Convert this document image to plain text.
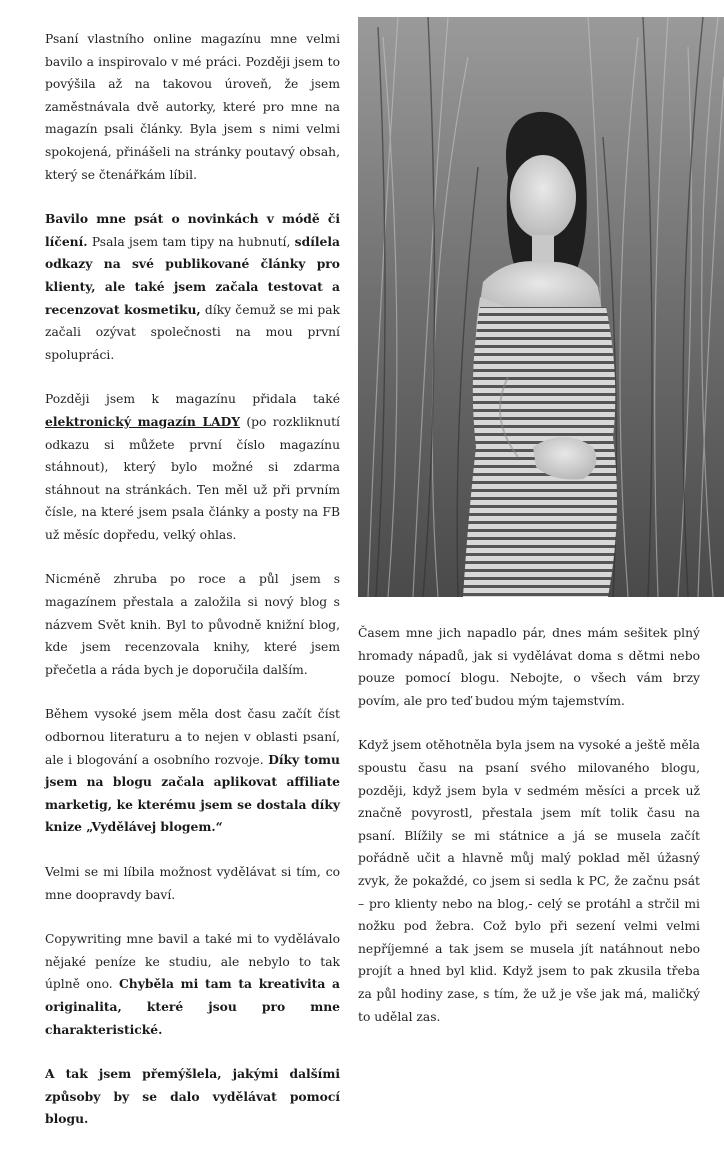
Psaní vlastního online magazínu mne velmi bavilo a inspirovalo v mé práci. Později jsem to povýšila až na takovou úroveň, že jsem zaměstnávala dvě autorky, které pro mne na magazín psali články. Byla jsem s nimi velmi spokojená, přinášeli na stránky poutavý obsah, který se čtenářkám líbil.

Bavilo mne psát o novinkách v módě či líčení. Psala jsem tam tipy na hubnutí, sdílela odkazy na své publikované články pro klienty, ale také jsem začala testovat a recenzovat kosmetiku, díky čemuž se mi pak začali ozývat společnosti na mou první spolupráci.

Později jsem k magazínu přidala také elektronický magazín LADY (po rozkliknutí odkazu si můžete první číslo magazínu stáhnout), který bylo možné si zdarma stáhnout na stránkách. Ten měl už při prvním čísle, na které jsem psala články a posty na FB už měsíc dopředu, velký ohlas.

Nicméně zhruba po roce a půl jsem s magazínem přestala a založila si nový blog s názvem Svět knih. Byl to původně knižní blog, kde jsem recenzovala knihy, které jsem přečetla a ráda bych je doporučila dalším.

Během vysoké jsem měla dost času začít číst odbornou literaturu a to nejen v oblasti psaní, ale i blogování a osobního rozvoje. Díky tomu jsem na blogu začala aplikovat affiliate marketig, ke kterému jsem se dostala díky knize „Vydělávej blogem.“

Velmi se mi líbila možnost vydělávat si tím, co mne doopravdy baví.

Copywriting mne bavil a také mi to vydělávalo nějaké peníze ke studiu, ale nebylo to tak úplně ono. Chyběla mi tam ta kreativita a originalita, které jsou pro mne charakteristické.

A tak jsem přemýšlela, jakými dalšími způsoby by se dalo vydělávat pomocí blogu.

Časem mne jich napadlo pár, dnes mám sešitek plný hromady nápadů, jak si vydělávat doma s dětmi nebo pouze pomocí blogu. Nebojte, o všech vám brzy povím, ale pro teď budou mým tajemstvím.

Když jsem otěhotněla byla jsem na vysoké a ještě měla spoustu času na psaní svého milovaného blogu, později, když jsem byla v sedmém měsíci a prcek už značně povyrostl, přestala jsem mít tolik času na psaní. Blížily se mi státnice a já se musela začít pořádně učit a hlavně můj malý poklad měl úžasný zvyk, že pokaždé, co jsem si sedla k PC, že začnu psát – pro klienty nebo na blog,- celý se protáhl a strčil mi nožku pod žebra. Což bylo při sezení velmi velmi nepříjemné a tak jsem se musela jít natáhnout nebo projít a hned byl klid. Když jsem to pak zkusila třeba za půl hodiny zase, s tím, že už je vše jak má, maličký to udělal zas.
